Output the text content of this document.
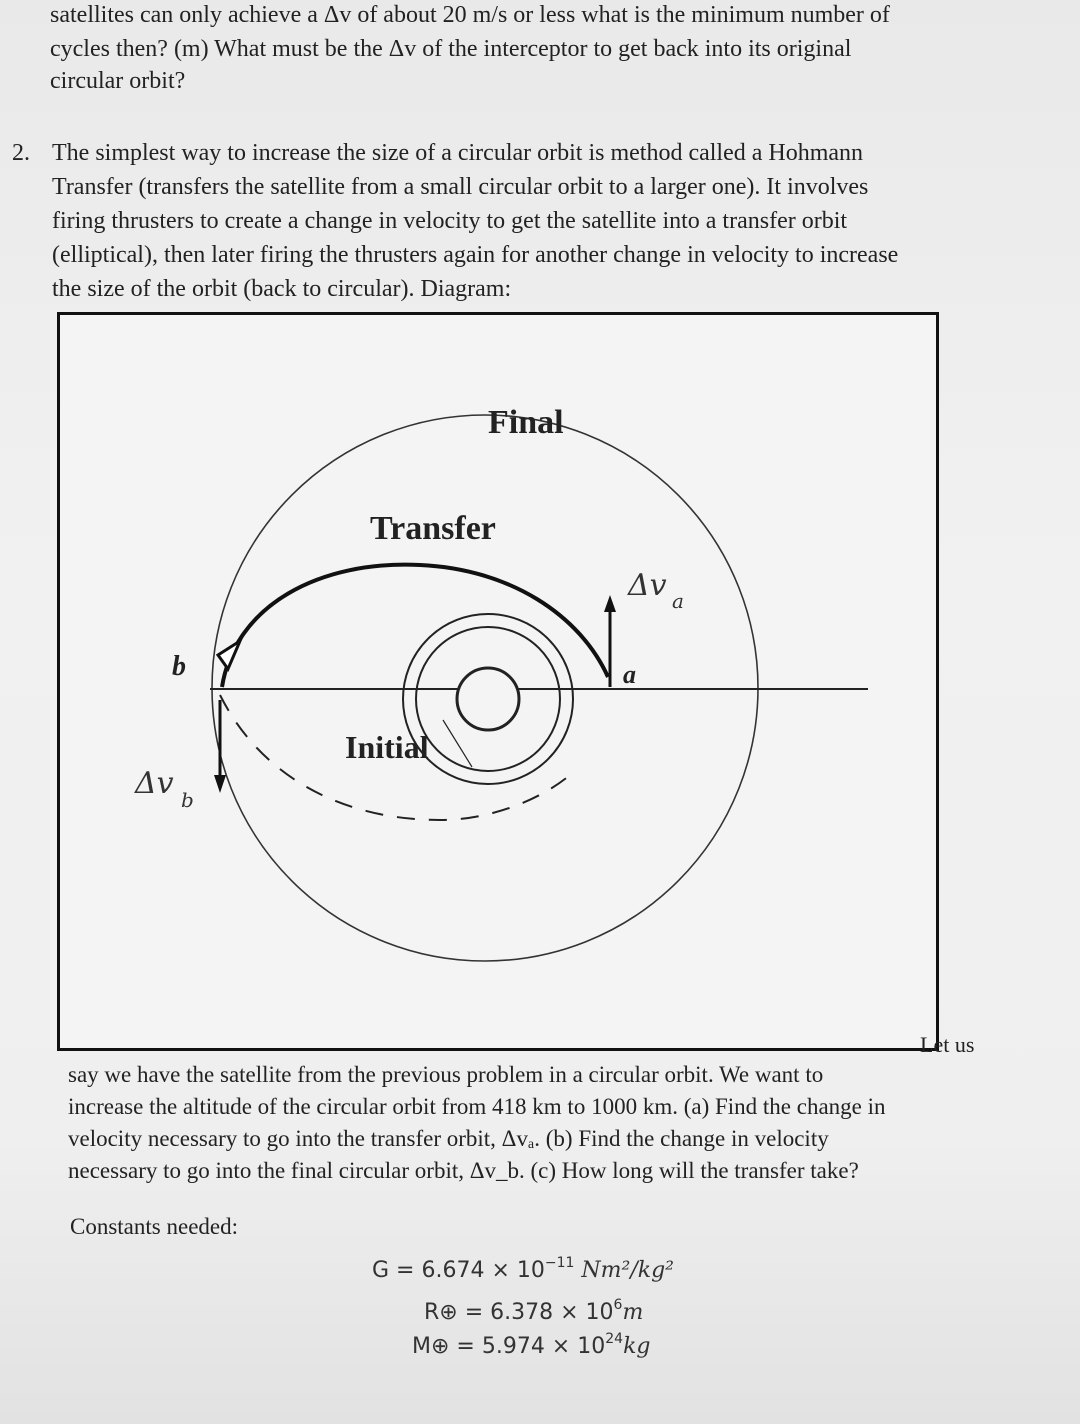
satellites can only achieve a Δv of about 20 m/s or less what is the minimum number of
cycles then? (m) What must be the Δv of the interceptor to get back into its original
circular orbit?
2. The simplest way to increase the size of a circular orbit is method called a Hohmann
Transfer (transfers the satellite from a small circular orbit to a larger one). It involves
firing thrusters to create a change in velocity to get the satellite into a transfer orbit
(elliptical), then later firing the thrusters again for another change in velocity to increase
the size of the orbit (back to circular). Diagram:
Final
Transfer
Initial
a
b
Δv a
Δv b
Let us
say we have the satellite from the previous problem in a circular orbit. We want to
increase the altitude of the circular orbit from 418 km to 1000 km. (a) Find the change in
velocity necessary to go into the transfer orbit, Δvₐ. (b) Find the change in velocity
necessary to go into the final circular orbit, Δv_b. (c) How long will the transfer take?
Constants needed:
$G = 6.674 \times 10^{-11}$ Nm²/kg²
R⊕ = $6.378 \times 10^6m$
M⊕ = $5.974 \times 10^{24}kg$
